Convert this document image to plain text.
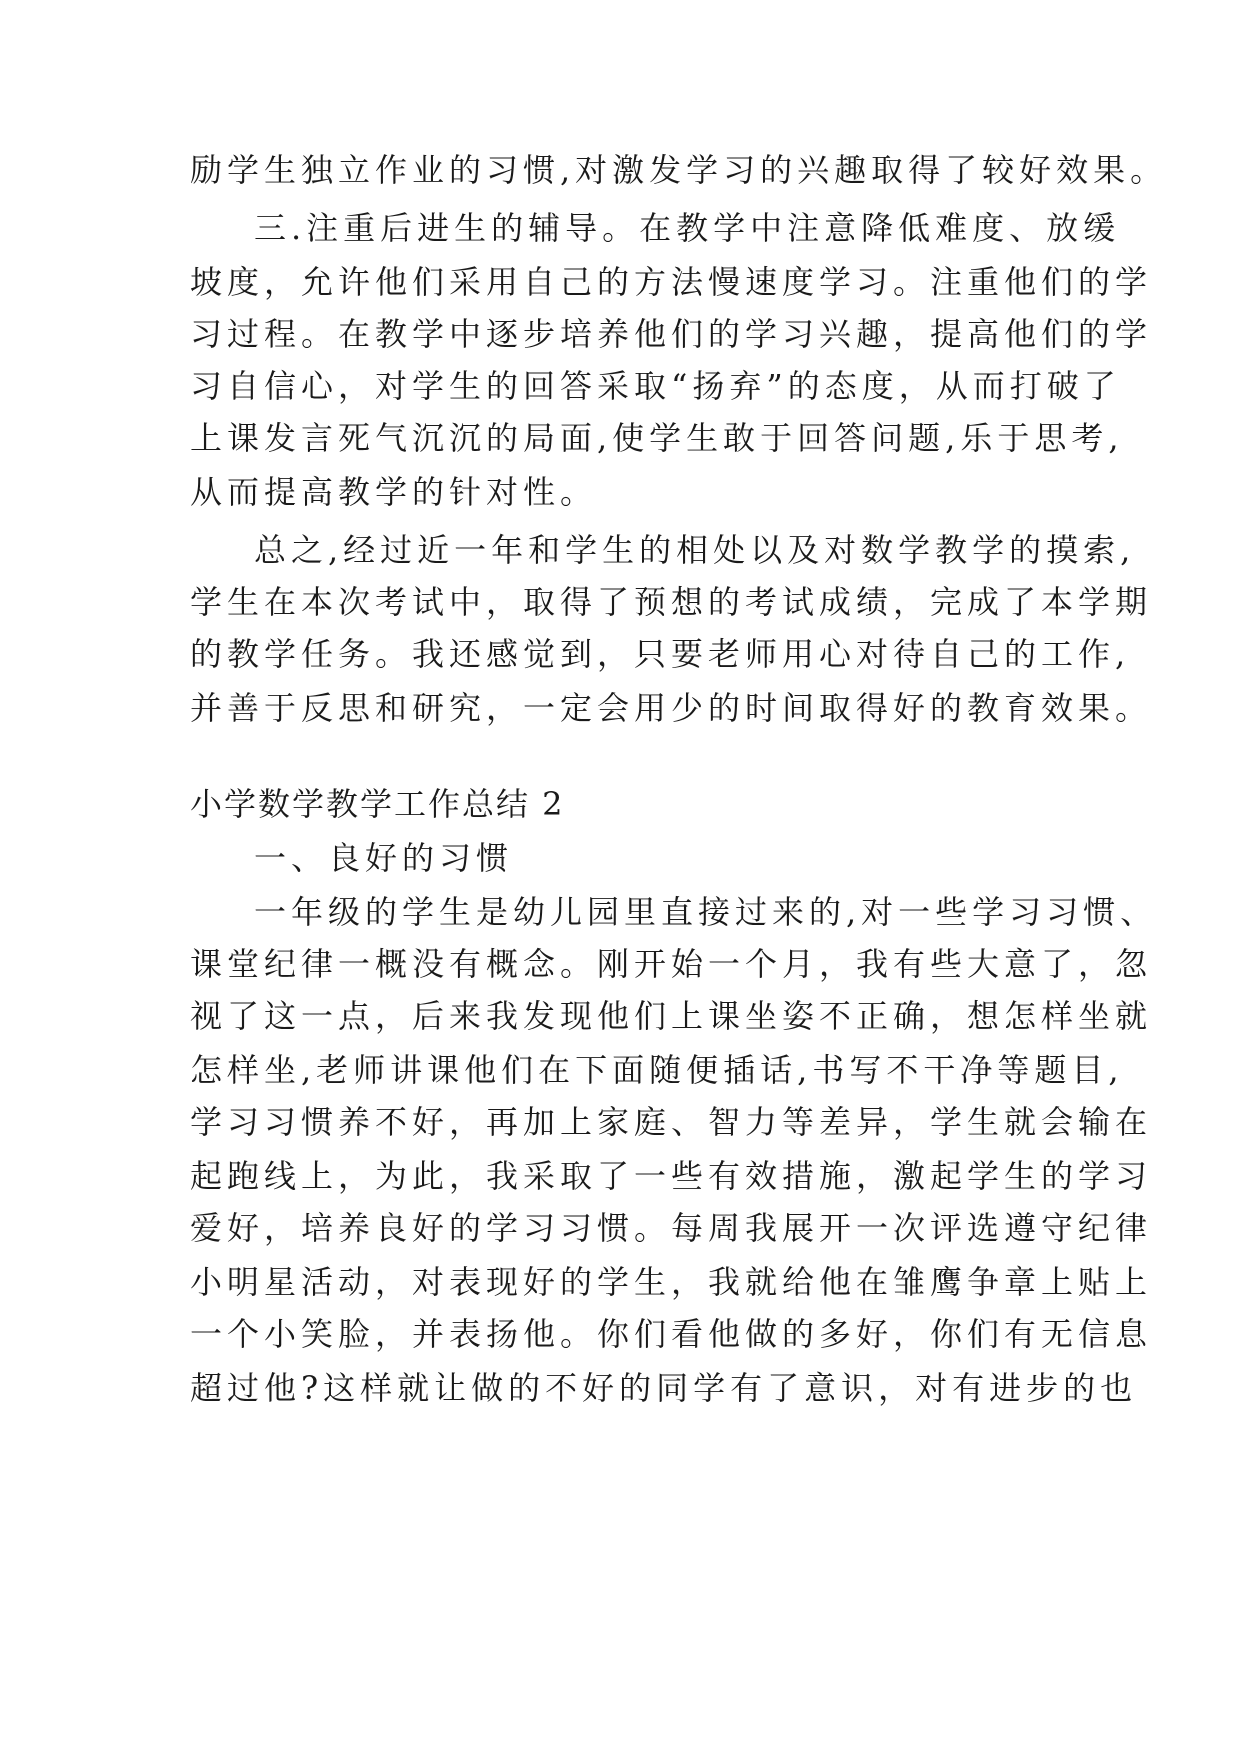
励学生独立作业的习惯,对激发学习的兴趣取得了较好效果。
三.注重后进生的辅导。在教学中注意降低难度、放缓
坡度，允许他们采用自己的方法慢速度学习。注重他们的学
习过程。在教学中逐步培养他们的学习兴趣，提高他们的学
习自信心，对学生的回答采取“扬弃”的态度，从而打破了
上课发言死气沉沉的局面,使学生敢于回答问题,乐于思考,
从而提高教学的针对性。
总之,经过近一年和学生的相处以及对数学教学的摸索,
学生在本次考试中，取得了预想的考试成绩，完成了本学期
的教学任务。我还感觉到，只要老师用心对待自己的工作,
并善于反思和研究，一定会用少的时间取得好的教育效果。
小学数学教学工作总结 2
一、良好的习惯
一年级的学生是幼儿园里直接过来的,对一些学习习惯、
课堂纪律一概没有概念。刚开始一个月，我有些大意了，忽
视了这一点，后来我发现他们上课坐姿不正确，想怎样坐就
怎样坐,老师讲课他们在下面随便插话,书写不干净等题目,
学习习惯养不好，再加上家庭、智力等差异，学生就会输在
起跑线上，为此，我采取了一些有效措施，激起学生的学习
爱好，培养良好的学习习惯。每周我展开一次评选遵守纪律
小明星活动，对表现好的学生，我就给他在雏鹰争章上贴上
一个小笑脸，并表扬他。你们看他做的多好，你们有无信息
超过他?这样就让做的不好的同学有了意识，对有进步的也
